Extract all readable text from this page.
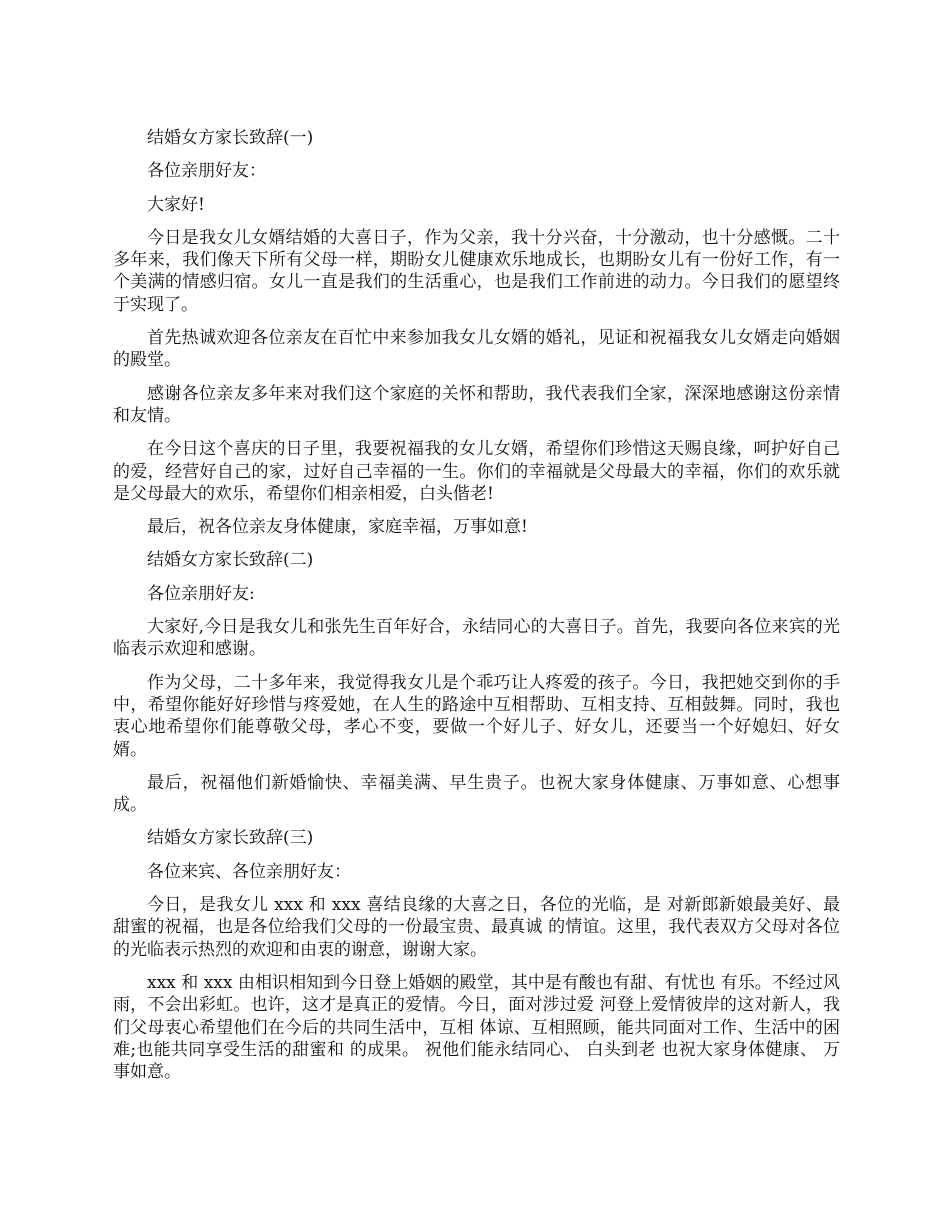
结婚女方家长致辞(一)

各位亲朋好友：

大家好!

今日是我女儿女婿结婚的大喜日子，作为父亲，我十分兴奋，十分激动，也十分感慨。二十多年来，我们像天下所有父母一样，期盼女儿健康欢乐地成长，也期盼女儿有一份好工作，有一个美满的情感归宿。女儿一直是我们的生活重心，也是我们工作前进的动力。今日我们的愿望终于实现了。

首先热诚欢迎各位亲友在百忙中来参加我女儿女婿的婚礼，见证和祝福我女儿女婿走向婚姻的殿堂。

感谢各位亲友多年来对我们这个家庭的关怀和帮助，我代表我们全家，深深地感谢这份亲情和友情。

在今日这个喜庆的日子里，我要祝福我的女儿女婿，希望你们珍惜这天赐良缘，呵护好自己的爱，经营好自己的家，过好自己幸福的一生。你们的幸福就是父母最大的幸福，你们的欢乐就是父母最大的欢乐，希望你们相亲相爱，白头偕老!

最后，祝各位亲友身体健康，家庭幸福，万事如意!

结婚女方家长致辞(二)

各位亲朋好友:

大家好,今日是我女儿和张先生百年好合，永结同心的大喜日子。首先，我要向各位来宾的光临表示欢迎和感谢。

作为父母，二十多年来，我觉得我女儿是个乖巧让人疼爱的孩子。今日，我把她交到你的手中，希望你能好好珍惜与疼爱她，在人生的路途中互相帮助、互相支持、互相鼓舞。同时，我也衷心地希望你们能尊敬父母，孝心不变，要做一个好儿子、好女儿，还要当一个好媳妇、好女婿。

最后，祝福他们新婚愉快、幸福美满、早生贵子。也祝大家身体健康、万事如意、心想事成。

结婚女方家长致辞(三)

各位来宾、各位亲朋好友：

今日，是我女儿 xxx 和 xxx 喜结良缘的大喜之日，各位的光临，是 对新郎新娘最美好、最甜蜜的祝福，也是各位给我们父母的一份最宝贵、最真诚 的情谊。这里，我代表双方父母对各位的光临表示热烈的欢迎和由衷的谢意，谢谢大家。

xxx 和 xxx 由相识相知到今日登上婚姻的殿堂，其中是有酸也有甜、有忧也 有乐。不经过风雨，不会出彩虹。也许，这才是真正的爱情。今日，面对涉过爱 河登上爱情彼岸的这对新人，我们父母衷心希望他们在今后的共同生活中，互相 体谅、互相照顾，能共同面对工作、生活中的困难;也能共同享受生活的甜蜜和 的成果。 祝他们能永结同心、 白头到老 也祝大家身体健康、 万事如意。
